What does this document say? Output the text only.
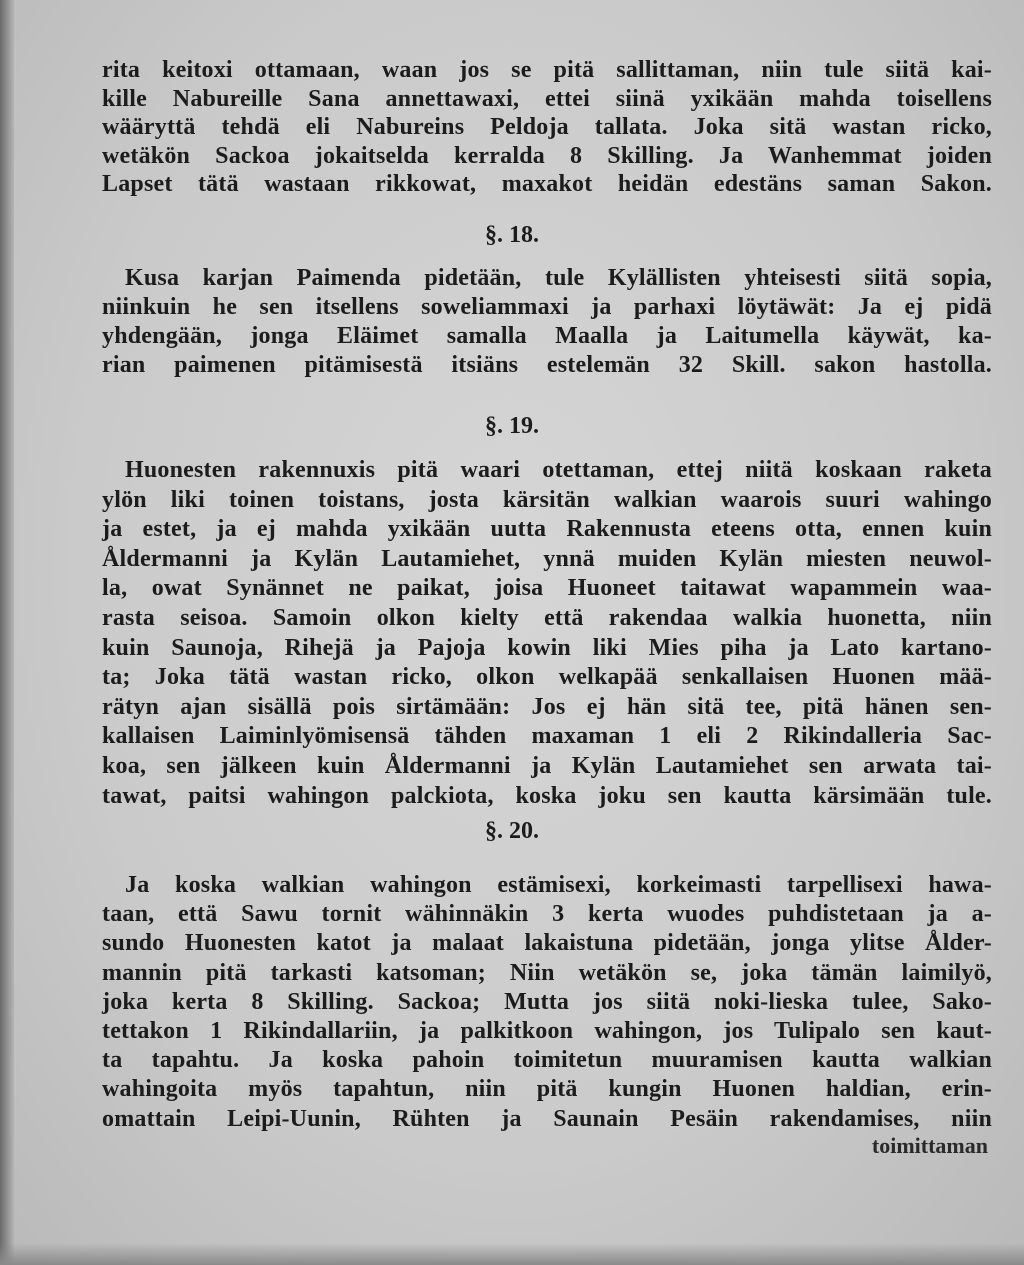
§. 18.
§. 19.
§. 20.
toimittaman
rita keitoxi ottamaan, waan jos se pitä sallittaman, niin tule siitä kai-
kille Nabureille Sana annettawaxi, ettei siinä yxikään mahda toisellens
wääryttä tehdä eli Nabureins Peldoja tallata. Joka sitä wastan ricko,
wetäkön Sackoa jokaitselda kerralda 8 Skilling. Ja Wanhemmat joiden
Lapset tätä wastaan rikkowat, maxakot heidän edestäns saman Sakon.
Kusa karjan Paimenda pidetään, tule Kylällisten yhteisesti siitä sopia,
niinkuin he sen itsellens soweliammaxi ja parhaxi löytäwät: Ja ej pidä
yhdengään, jonga Eläimet samalla Maalla ja Laitumella käywät, ka-
rian paimenen pitämisestä itsiäns estelemän 32 Skill. sakon hastolla.
Huonesten rakennuxis pitä waari otettaman, ettej niitä koskaan raketa
ylön liki toinen toistans, josta kärsitän walkian waarois suuri wahingo
ja estet, ja ej mahda yxikään uutta Rakennusta eteens otta, ennen kuin
Åldermanni ja Kylän Lautamiehet, ynnä muiden Kylän miesten neuwol-
la, owat Synännet ne paikat, joisa Huoneet taitawat wapammein waa-
rasta seisoa. Samoin olkon kielty että rakendaa walkia huonetta, niin
kuin Saunoja, Rihejä ja Pajoja kowin liki Mies piha ja Lato kartano-
ta; Joka tätä wastan ricko, olkon welkapää senkallaisen Huonen mää-
rätyn ajan sisällä pois sirtämään: Jos ej hän sitä tee, pitä hänen sen-
kallaisen Laiminlyömisensä tähden maxaman 1 eli 2 Rikindalleria Sac-
koa, sen jälkeen kuin Åldermanni ja Kylän Lautamiehet sen arwata tai-
tawat, paitsi wahingon palckiota, koska joku sen kautta kärsimään tule.
Ja koska walkian wahingon estämisexi, korkeimasti tarpellisexi hawa-
taan, että Sawu tornit wähinnäkin 3 kerta wuodes puhdistetaan ja a-
sundo Huonesten katot ja malaat lakaistuna pidetään, jonga ylitse Ålder-
mannin pitä tarkasti katsoman; Niin wetäkön se, joka tämän laimilyö,
joka kerta 8 Skilling. Sackoa; Mutta jos siitä noki-lieska tulee, Sako-
tettakon 1 Rikindallariin, ja palkitkoon wahingon, jos Tulipalo sen kaut-
ta tapahtu. Ja koska pahoin toimitetun muuramisen kautta walkian
wahingoita myös tapahtun, niin pitä kungin Huonen haldian, erin-
omattain Leipi-Uunin, Rühten ja Saunain Pesäin rakendamises, niin
